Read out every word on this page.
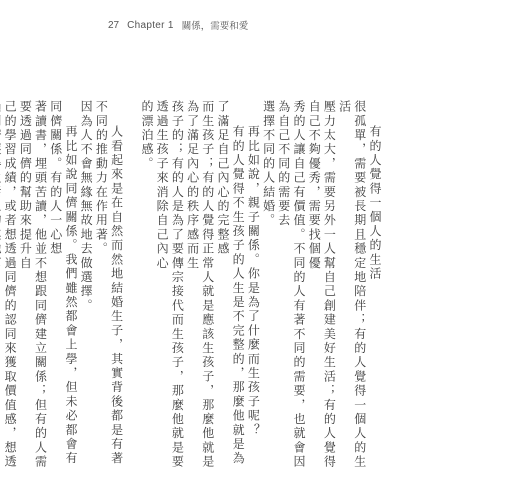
27 Chapter 1 關係，需要和愛

有的人覺得一個人的生活

很孤單，需要被長期且穩定地陪伴；有的人覺得一個人的生活

壓力太大，需要另外一人幫自己創建美好生活；有的人覺得自己不夠優秀，需要找個優

秀的人讓自己有價值。不同的人有著不同的需要，也就會因為自己不同的需要去

選擇不同的人結婚。

再比如說，親子關係。你是為了什麼而生孩子呢？

有的人覺得不生孩子的人生是不完整的，那麼他就是為了滿足自己內心的完整感

而生孩子；有的人覺得正常人就是應該生孩子，那麼他就是為了滿足內心的秩序感而生

孩子的；有的人是為了要傳宗接代而生孩子，那麼他就是要透過生孩子來消除自己內心

的漂泊感。

人看起來是在自然而然地結婚生子，其實背後都是有著不同的推動力在作用著。

因為人不會無緣無故地去做選擇。

再比如說同儕關係。我們雖然都會上學，但未必都會有同儕關係。有的人一心想

著讀書，埋頭苦讀，他並不想跟同儕建立關係；但有的人需要透過同儕的幫助來提升自

己的學習成績，或者想透過同儕的認同來獲取價值感，想透
